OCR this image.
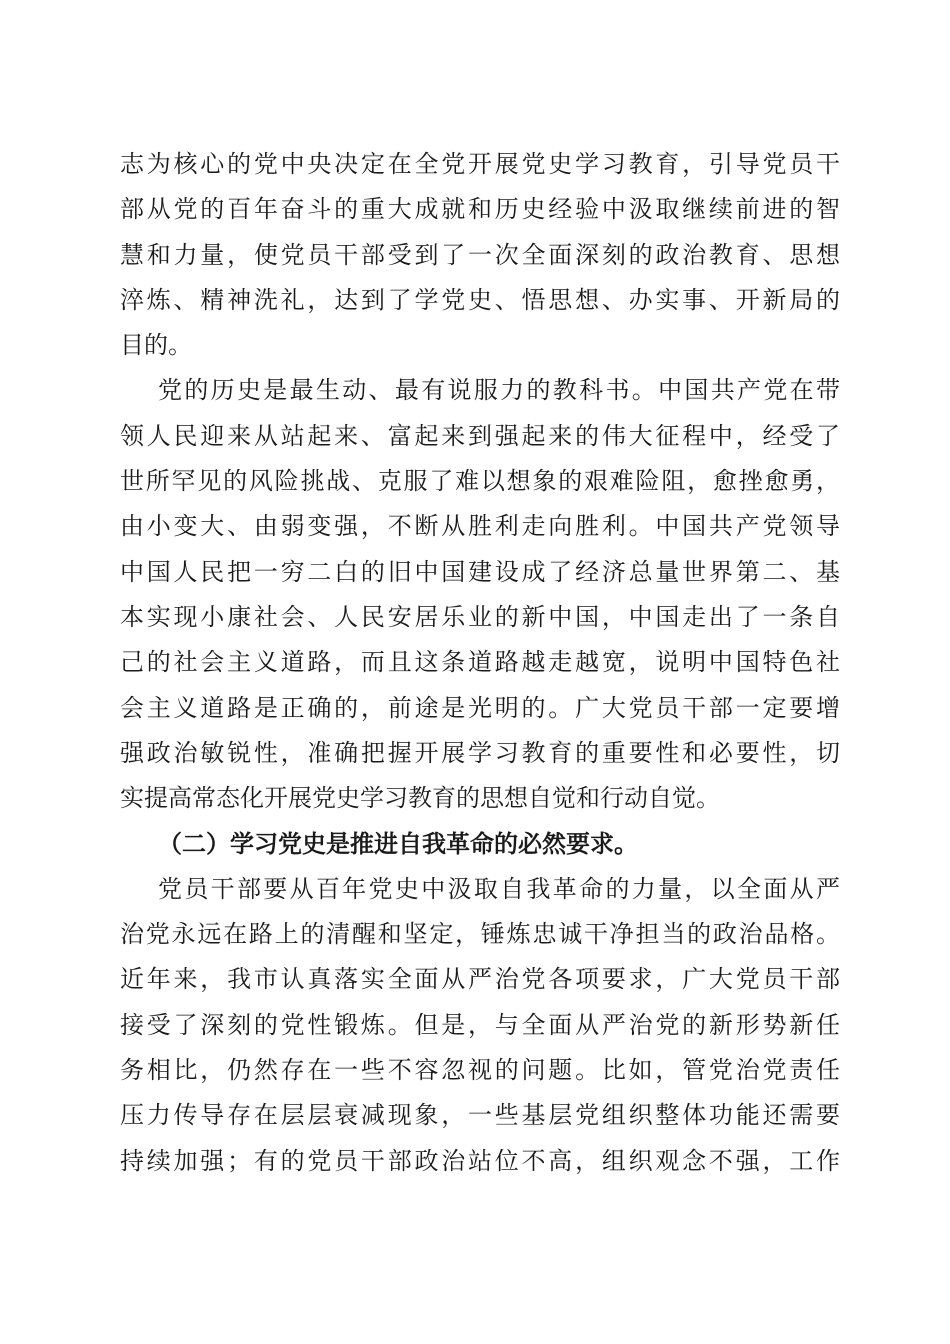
志为核心的党中央决定在全党开展党史学习教育，引导党员干
部从党的百年奋斗的重大成就和历史经验中汲取继续前进的智
慧和力量，使党员干部受到了一次全面深刻的政治教育、思想
淬炼、精神洗礼，达到了学党史、悟思想、办实事、开新局的
目的。
党的历史是最生动、最有说服力的教科书。中国共产党在带
领人民迎来从站起来、富起来到强起来的伟大征程中，经受了
世所罕见的风险挑战、克服了难以想象的艰难险阻，愈挫愈勇，
由小变大、由弱变强，不断从胜利走向胜利。中国共产党领导
中国人民把一穷二白的旧中国建设成了经济总量世界第二、基
本实现小康社会、人民安居乐业的新中国，中国走出了一条自
己的社会主义道路，而且这条道路越走越宽，说明中国特色社
会主义道路是正确的，前途是光明的。广大党员干部一定要增
强政治敏锐性，准确把握开展学习教育的重要性和必要性，切
实提高常态化开展党史学习教育的思想自觉和行动自觉。
（二）学习党史是推进自我革命的必然要求。
党员干部要从百年党史中汲取自我革命的力量，以全面从严
治党永远在路上的清醒和坚定，锤炼忠诚干净担当的政治品格。
近年来，我市认真落实全面从严治党各项要求，广大党员干部
接受了深刻的党性锻炼。但是，与全面从严治党的新形势新任
务相比，仍然存在一些不容忽视的问题。比如，管党治党责任
压力传导存在层层衰减现象，一些基层党组织整体功能还需要
持续加强；有的党员干部政治站位不高，组织观念不强，工作
